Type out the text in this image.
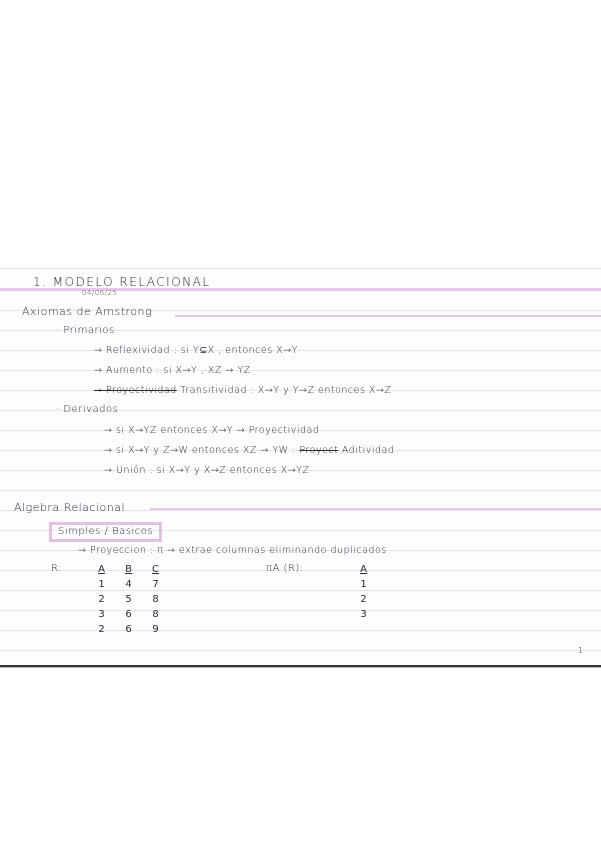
1. MODELO RELACIONAL
04/06/25
Axiomas de Amstrong
· Primarios
→ Reflexividad : si Y⊆X , entonces X→Y
→ Aumento : si X→Y , XZ → YZ
→ Proyectividad Transitividad : X→Y y Y→Z entonces X→Z
· Derivados
→ si X→YZ entonces X→Y → Proyectividad
→ si X→Y y Z→W entonces XZ → YW : Proyect Aditividad
→ Unión : si X→Y y X→Z entonces X→YZ
Algebra Relacional
Simples / Basicos
→ Proyeccion : π → extrae columnas eliminando duplicados
R:	A	B	C
1	4	7
2	5	8
3	6	8
2	6	9
πA (R):	A
1
2
3
1
